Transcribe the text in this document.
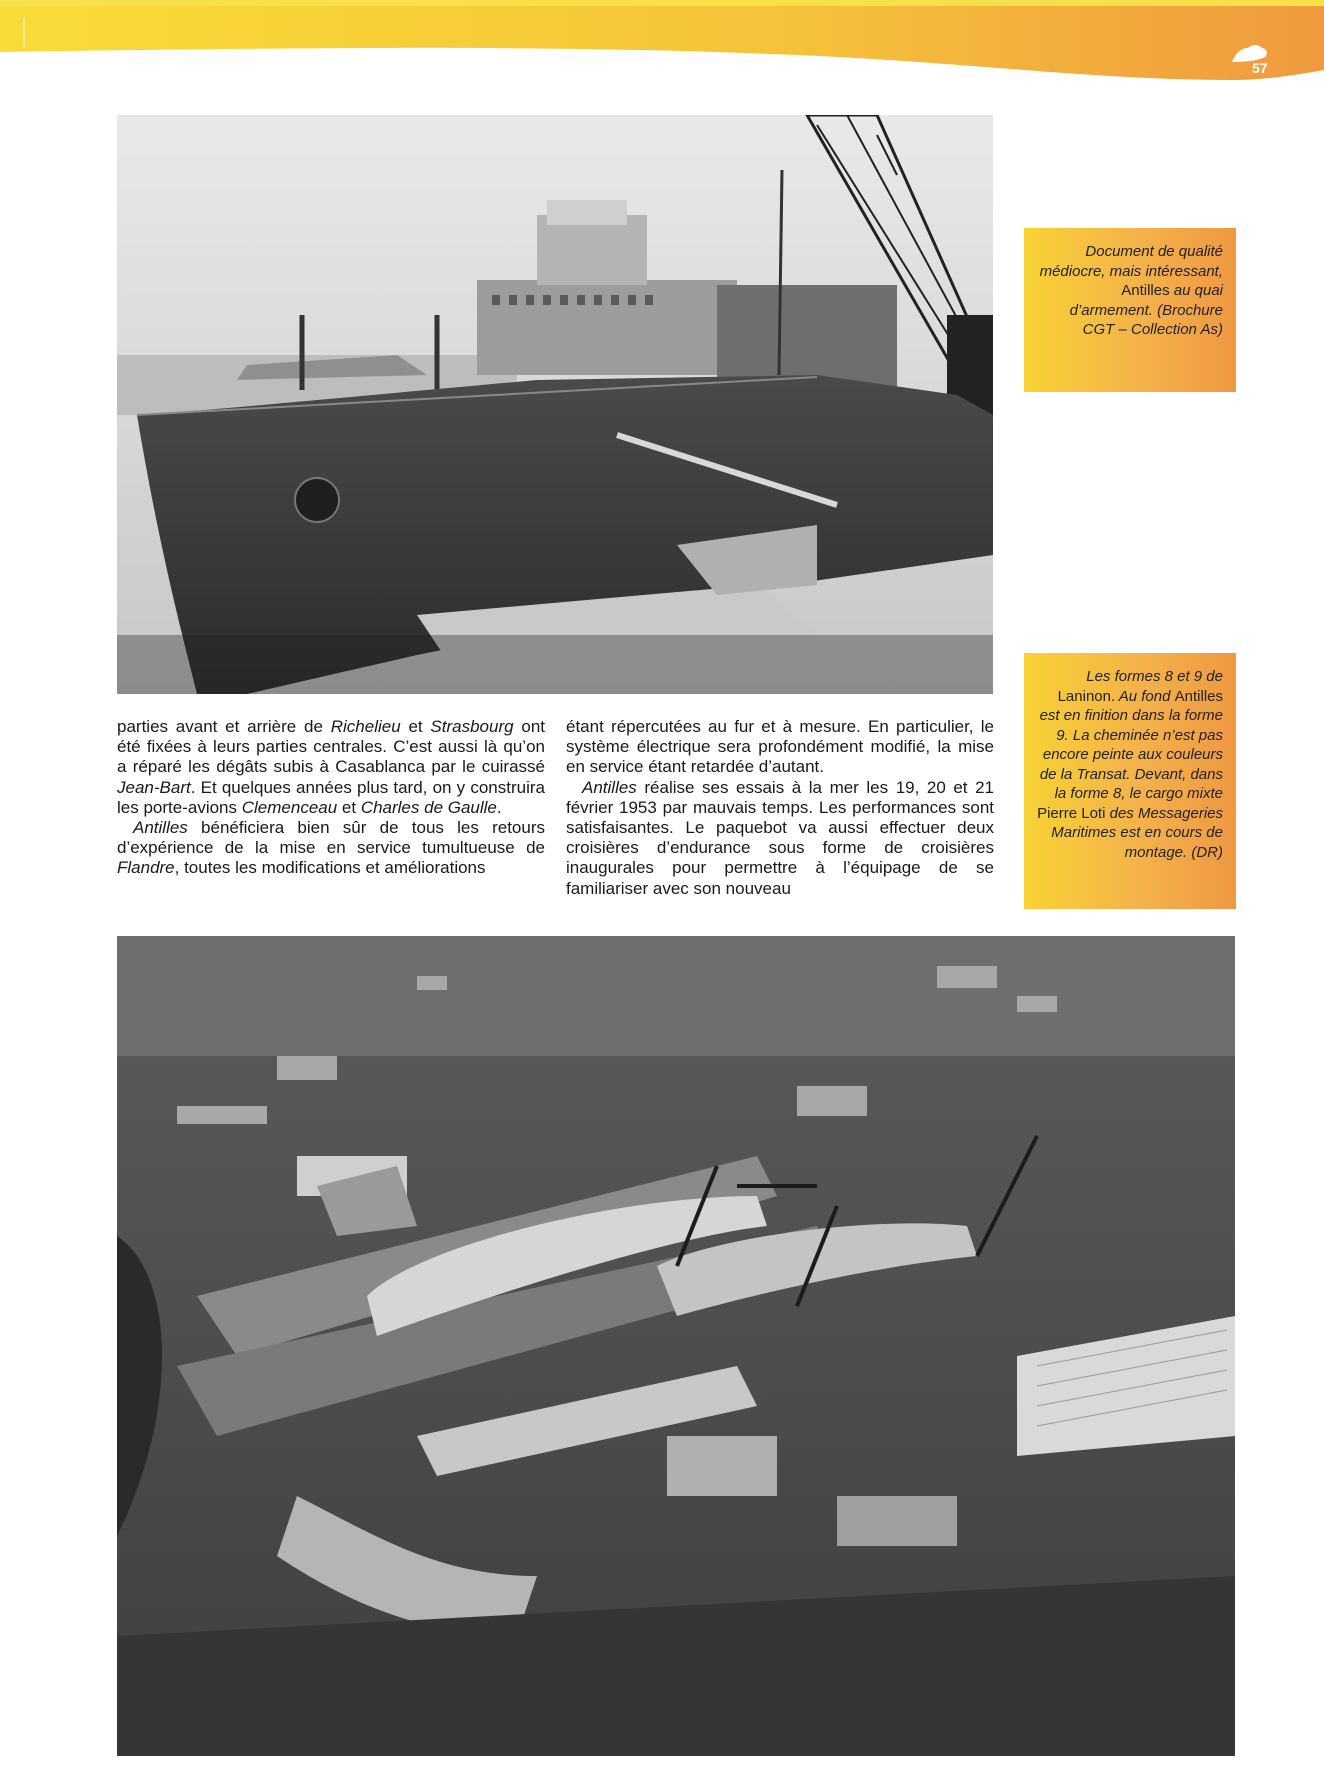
57
Document de qualité médiocre, mais intéressant, Antilles au quai d’armement. (Brochure CGT – Collection As)
Les formes 8 et 9 de Laninon. Au fond Antilles est en finition dans la forme 9. La cheminée n’est pas encore peinte aux couleurs de la Transat. Devant, dans la forme 8, le cargo mixte Pierre Loti des Messageries Maritimes est en cours de montage. (DR)

parties avant et arrière de Richelieu et Strasbourg ont été fixées à leurs parties centrales. C’est aussi là qu’on a réparé les dégâts subis à Casablanca par le cuirassé Jean-Bart. Et quelques années plus tard, on y construira les porte-avions Clemenceau et Charles de Gaulle.

Antilles bénéficiera bien sûr de tous les retours d’expérience de la mise en service tumultueuse de Flandre, toutes les modifications et améliorations

étant répercutées au fur et à mesure. En particulier, le système électrique sera profondément modifié, la mise en service étant retardée d’autant.

Antilles réalise ses essais à la mer les 19, 20 et 21 février 1953 par mauvais temps. Les performances sont satisfaisantes. Le paquebot va aussi effectuer deux croisières d’endurance sous forme de croisières inaugurales pour permettre à l’équipage de se familiariser avec son nouveau
